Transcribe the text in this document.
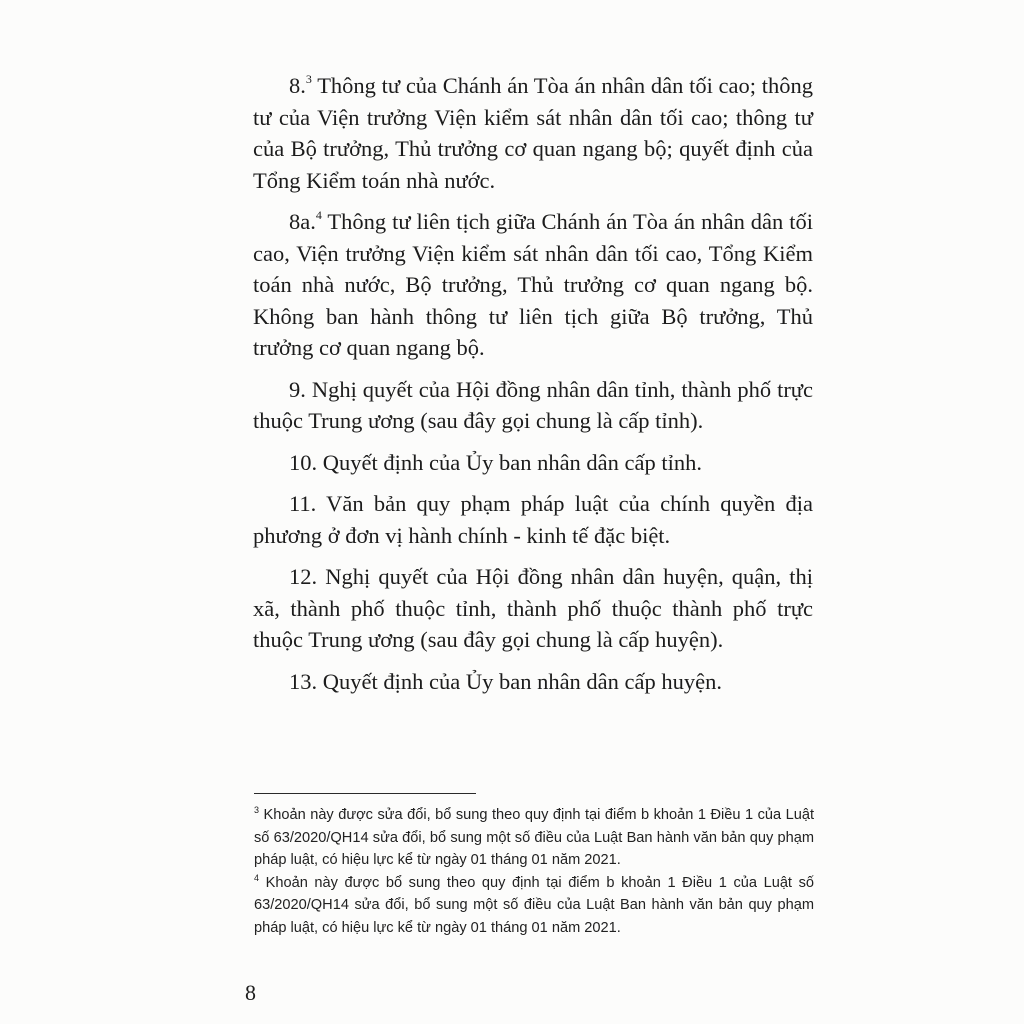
8.$^3$ Thông tư của Chánh án Tòa án nhân dân tối cao; thông tư của Viện trưởng Viện kiểm sát nhân dân tối cao; thông tư của Bộ trưởng, Thủ trưởng cơ quan ngang bộ; quyết định của Tổng Kiểm toán nhà nước.

8a.$^4$ Thông tư liên tịch giữa Chánh án Tòa án nhân dân tối cao, Viện trưởng Viện kiểm sát nhân dân tối cao, Tổng Kiểm toán nhà nước, Bộ trưởng, Thủ trưởng cơ quan ngang bộ. Không ban hành thông tư liên tịch giữa Bộ trưởng, Thủ trưởng cơ quan ngang bộ.

9. Nghị quyết của Hội đồng nhân dân tỉnh, thành phố trực thuộc Trung ương (sau đây gọi chung là cấp tỉnh).

10. Quyết định của Ủy ban nhân dân cấp tỉnh.

11. Văn bản quy phạm pháp luật của chính quyền địa phương ở đơn vị hành chính - kinh tế đặc biệt.

12. Nghị quyết của Hội đồng nhân dân huyện, quận, thị xã, thành phố thuộc tỉnh, thành phố thuộc thành phố trực thuộc Trung ương (sau đây gọi chung là cấp huyện).

13. Quyết định của Ủy ban nhân dân cấp huyện.

$^3$ Khoản này được sửa đổi, bổ sung theo quy định tại điểm b khoản 1 Điều 1 của Luật số 63/2020/QH14 sửa đổi, bổ sung một số điều của Luật Ban hành văn bản quy phạm pháp luật, có hiệu lực kể từ ngày 01 tháng 01 năm 2021.

$^4$ Khoản này được bổ sung theo quy định tại điểm b khoản 1 Điều 1 của Luật số 63/2020/QH14 sửa đổi, bổ sung một số điều của Luật Ban hành văn bản quy phạm pháp luật, có hiệu lực kể từ ngày 01 tháng 01 năm 2021.

8
